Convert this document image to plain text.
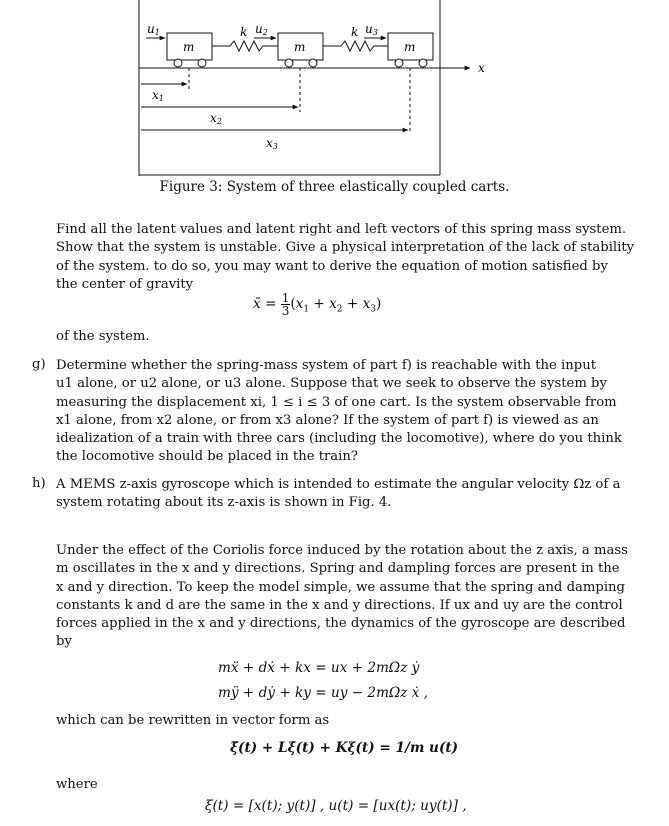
x
m	m	m
k	k
u1	u2	u3
x1
x2
x3
Figure 3: System of three elastically coupled carts.
Find all the latent values and latent right and left vectors of this spring mass system.
Show that the system is unstable. Give a physical interpretation of the lack of stability
of the system. to do so, you may want to derive the equation of motion satisfied by
the center of gravity
x̄ = $\frac{1}{3} (x_1 + x_2 + x_3)$
of the system.
g) Determine whether the spring-mass system of part f) is reachable with the input
u1 alone, or u2 alone, or u3 alone. Suppose that we seek to observe the system by
measuring the displacement xi, 1 ≤ i ≤ 3 of one cart. Is the system observable from
x1 alone, from x2 alone, or from x3 alone? If the system of part f) is viewed as an
idealization of a train with three cars (including the locomotive), where do you think
the locomotive should be placed in the train?
h) A MEMS z-axis gyroscope which is intended to estimate the angular velocity Ωz of a
system rotating about its z-axis is shown in Fig. 4.
Under the effect of the Coriolis force induced by the rotation about the z axis, a mass
m oscillates in the x and y directions. Spring and dampling forces are present in the
x and y direction. To keep the model simple, we assume that the spring and damping
constants k and d are the same in the x and y directions. If ux and uy are the control
forces applied in the x and y directions, the dynamics of the gyroscope are described
by
mẍ + dẋ + kx = ux + 2mΩz ẏ
mÿ + dẏ + ky = uy − 2mΩz ẋ ,
which can be rewritten in vector form as
ξ̈(t) + Lξ̇(t) + Kξ(t) = 1/m u(t)
where
ξ(t) = [x(t); y(t)] , u(t) = [ux(t); uy(t)] ,
